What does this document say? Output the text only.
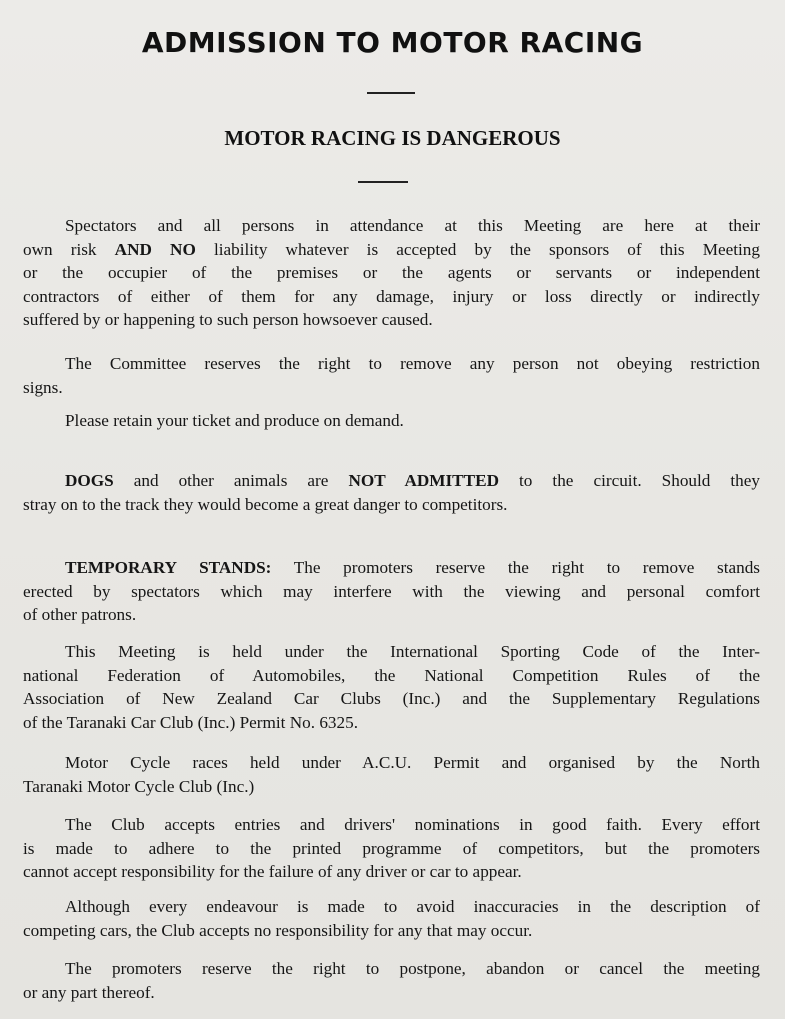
ADMISSION TO MOTOR RACING
MOTOR RACING IS DANGEROUS
Spectators and all persons in attendance at this Meeting are here at their
own risk AND NO liability whatever is accepted by the sponsors of this Meeting
or the occupier of the premises or the agents or servants or independent
contractors of either of them for any damage, injury or loss directly or indirectly
suffered by or happening to such person howsoever caused.
The Committee reserves the right to remove any person not obeying restriction
signs.
Please retain your ticket and produce on demand.
DOGS and other animals are NOT ADMITTED to the circuit. Should they
stray on to the track they would become a great danger to competitors.
TEMPORARY STANDS: The promoters reserve the right to remove stands
erected by spectators which may interfere with the viewing and personal comfort
of other patrons.
This Meeting is held under the International Sporting Code of the Inter-
national Federation of Automobiles, the National Competition Rules of the
Association of New Zealand Car Clubs (Inc.) and the Supplementary Regulations
of the Taranaki Car Club (Inc.) Permit No. 6325.
Motor Cycle races held under A.C.U. Permit and organised by the North
Taranaki Motor Cycle Club (Inc.)
The Club accepts entries and drivers' nominations in good faith. Every effort
is made to adhere to the printed programme of competitors, but the promoters
cannot accept responsibility for the failure of any driver or car to appear.
Although every endeavour is made to avoid inaccuracies in the description of
competing cars, the Club accepts no responsibility for any that may occur.
The promoters reserve the right to postpone, abandon or cancel the meeting
or any part thereof.
